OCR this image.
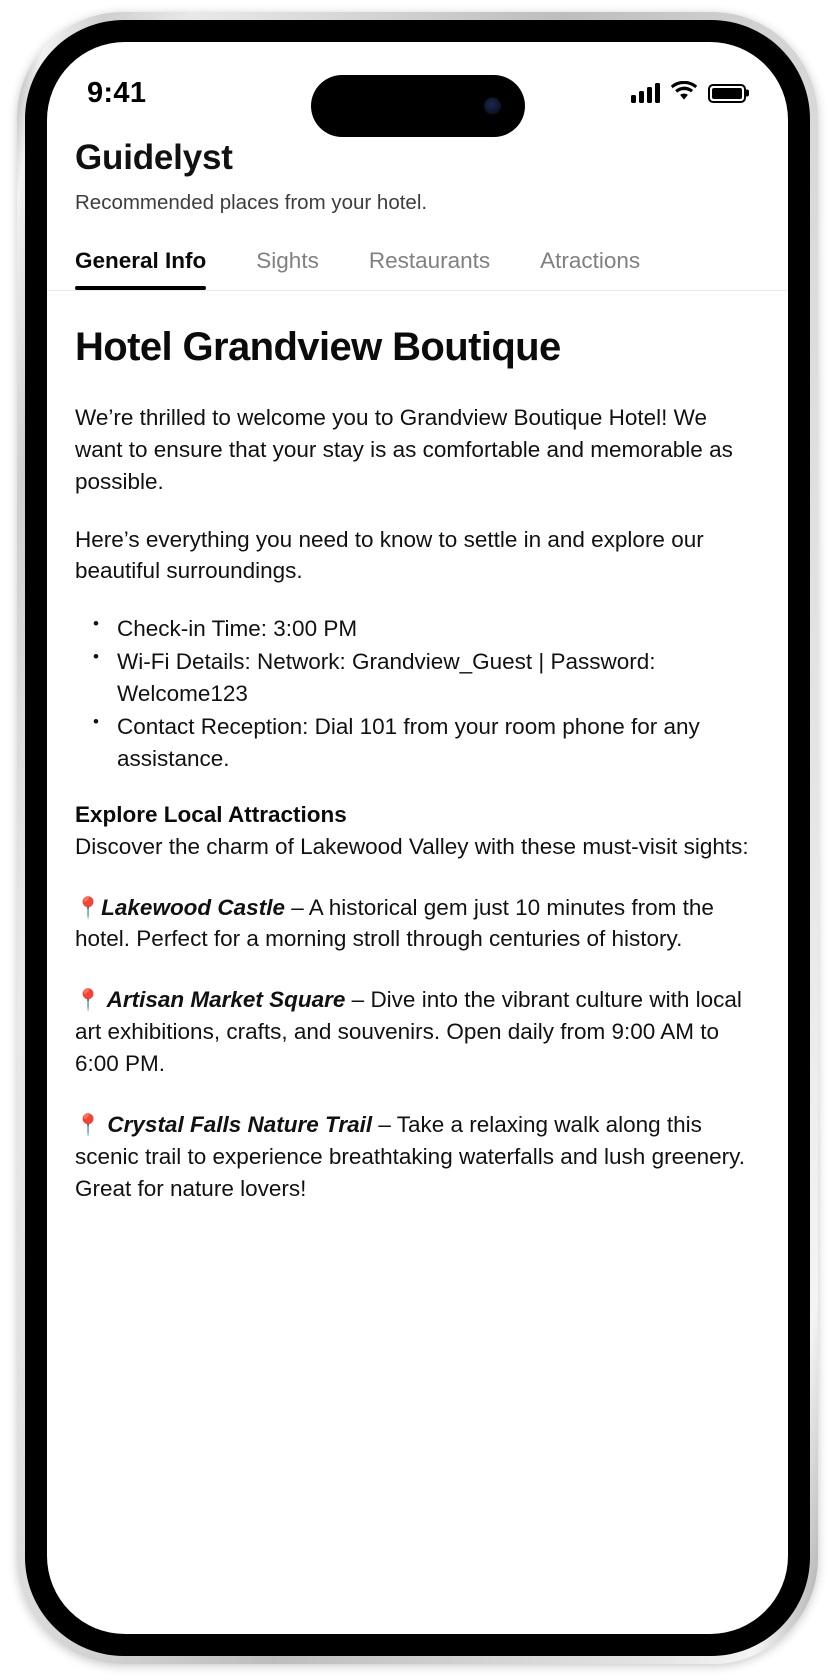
9:41
Guidelyst
Recommended places from your hotel.
General Info Sights Restaurants Atractions
Hotel Grandview Boutique

We’re thrilled to welcome you to Grandview Boutique Hotel! We want to ensure that your stay is as comfortable and memorable as possible.

Here’s everything you need to know to settle in and explore our beautiful surroundings.

• Check-in Time: 3:00 PM
• Wi-Fi Details: Network: Grandview_Guest | Password: Welcome123
• Contact Reception: Dial 101 from your room phone for any assistance.
Explore Local Attractions

Discover the charm of Lakewood Valley with these must-visit sights:

📍Lakewood Castle – A historical gem just 10 minutes from the hotel. Perfect for a morning stroll through centuries of history.

📍 Artisan Market Square – Dive into the vibrant culture with local art exhibitions, crafts, and souvenirs. Open daily from 9:00 AM to 6:00 PM.

📍 Crystal Falls Nature Trail – Take a relaxing walk along this scenic trail to experience breathtaking waterfalls and lush greenery. Great for nature lovers!
